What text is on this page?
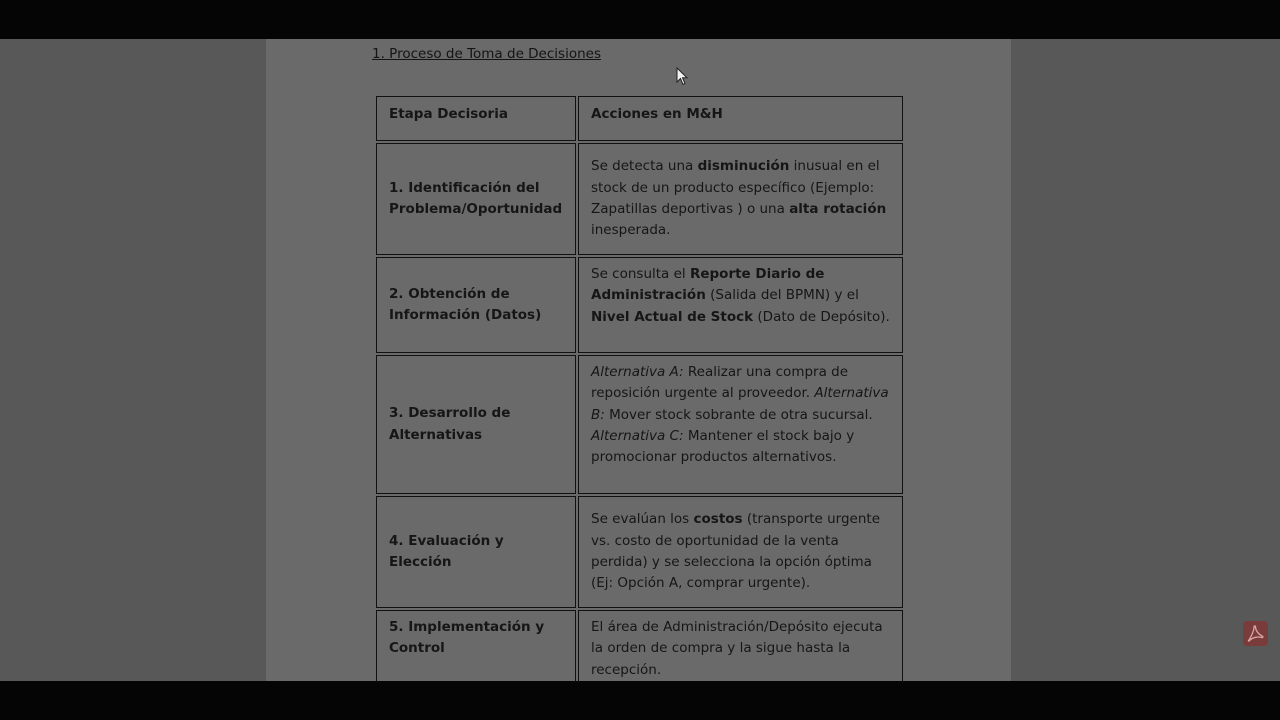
1. Proceso de Toma de Decisiones

Etapa Decisoria	Acciones en M&H
1. Identificación del Problema/Oportunidad	Se detecta una disminución inusual en el stock de un producto específico (Ejemplo: Zapatillas deportivas ) o una alta rotación inesperada.
2. Obtención de Información (Datos)	Se consulta el Reporte Diario de Administración (Salida del BPMN) y el Nivel Actual de Stock (Dato de Depósito).
3. Desarrollo de Alternativas	Alternativa A: Realizar una compra de reposición urgente al proveedor. Alternativa B: Mover stock sobrante de otra sucursal. Alternativa C: Mantener el stock bajo y promocionar productos alternativos.
4. Evaluación y Elección	Se evalúan los costos (transporte urgente vs. costo de oportunidad de la venta perdida) y se selecciona la opción óptima (Ej: Opción A, comprar urgente).
5. Implementación y Control	El área de Administración/Depósito ejecuta la orden de compra y la sigue hasta la recepción.
